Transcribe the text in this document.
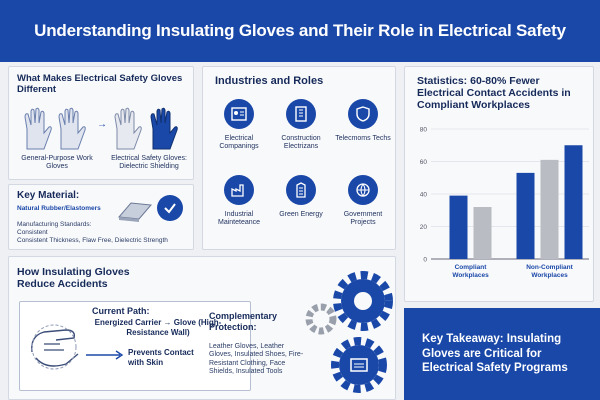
Understanding Insulating Gloves and Their Role in Electrical Safety
What Makes Electrical Safety Gloves Different
→
General-Purpose Work Gloves
Electrical Safety Gloves: Dielectric Shielding
Key Material:
Natural Rubber/Elastomers
Manufacturing Standards:
Consistent
Consistent Thickness, Flaw Free, Dielectric Strength
Industries and Roles
Electrical Companings
Construction Electrizans
Telecmoms Techs
Industrial Mainteteance
Green Energy	Government Projects
Statistics: 60-80% Fewer Electrical Contact Accidents in Compliant Workplaces
0
20
40
60
80
Compliant Workplaces
Non-Compliant Workplaces
How Insulating Gloves Reduce Accidents
Current Path:
Energized Carrier → Glove (High-Resistance Wall)
Prevents Contact with Skin
Complementary Protection:
Leather Gloves, Leather Gloves, Insulated Shoes, Fire-Resistant Clothing, Face Shields, Insulated Tools
Key Takeaway: Insulating Gloves are Critical for Electrical Safety Programs
